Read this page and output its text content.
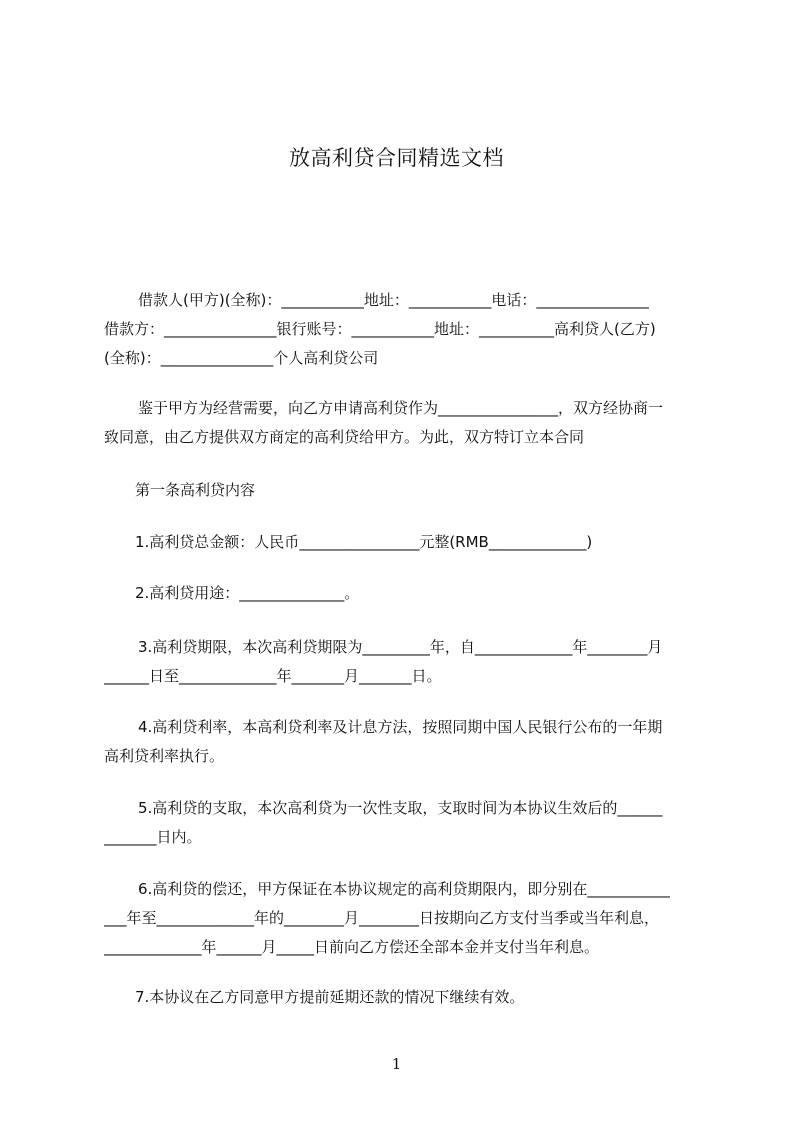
放高利贷合同精选文档
借款人(甲方)(全称)：___________地址：___________电话：_______________
借款方：_______________银行账号：___________地址：__________高利贷人(乙方)
(全称)：_______________个人高利贷公司
鉴于甲方为经营需要，向乙方申请高利贷作为________________，双方经协商一
致同意，由乙方提供双方商定的高利贷给甲方。为此，双方特订立本合同
第一条高利贷内容
1.高利贷总金额：人民币________________元整(RMB_____________)
2.高利贷用途：______________。
3.高利贷期限，本次高利贷期限为_________年，自_____________年________月
______日至_____________年_______月_______日。
4.高利贷利率，本高利贷利率及计息方法，按照同期中国人民银行公布的一年期
高利贷利率执行。
5.高利贷的支取，本次高利贷为一次性支取，支取时间为本协议生效后的______
_______日内。
6.高利贷的偿还，甲方保证在本协议规定的高利贷期限内，即分别在___________
___年至_____________年的________月________日按期向乙方支付当季或当年利息，
_____________年______月_____日前向乙方偿还全部本金并支付当年利息。
7.本协议在乙方同意甲方提前延期还款的情况下继续有效。
1
